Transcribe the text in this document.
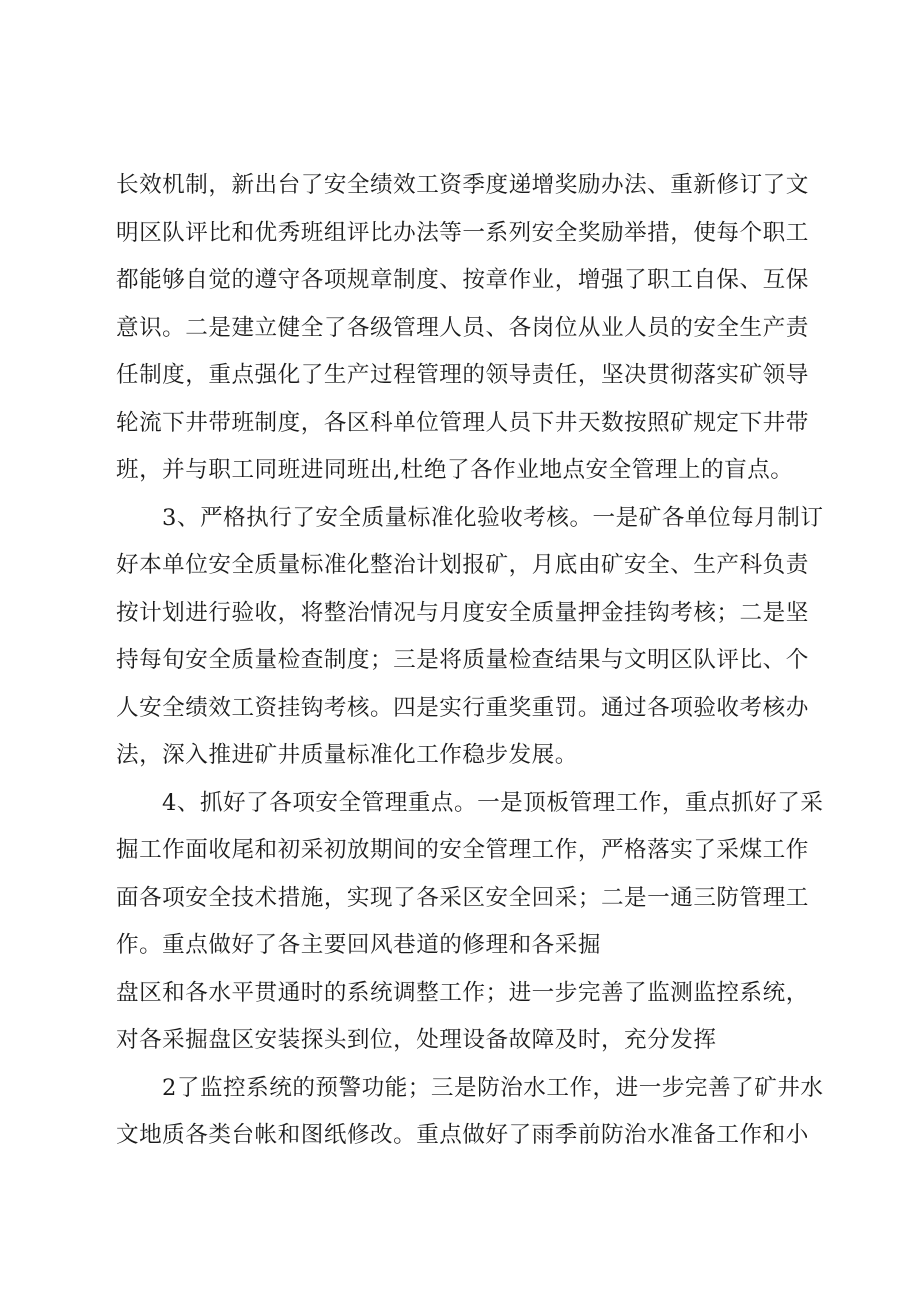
长效机制，新出台了安全绩效工资季度递增奖励办法、重新修订了文
明区队评比和优秀班组评比办法等一系列安全奖励举措，使每个职工
都能够自觉的遵守各项规章制度、按章作业，增强了职工自保、互保
意识。二是建立健全了各级管理人员、各岗位从业人员的安全生产责
任制度，重点强化了生产过程管理的领导责任，坚决贯彻落实矿领导
轮流下井带班制度，各区科单位管理人员下井天数按照矿规定下井带
班，并与职工同班进同班出,杜绝了各作业地点安全管理上的盲点。
3、严格执行了安全质量标准化验收考核。一是矿各单位每月制订
好本单位安全质量标准化整治计划报矿，月底由矿安全、生产科负责
按计划进行验收，将整治情况与月度安全质量押金挂钩考核；二是坚
持每旬安全质量检查制度；三是将质量检查结果与文明区队评比、个
人安全绩效工资挂钩考核。四是实行重奖重罚。通过各项验收考核办
法，深入推进矿井质量标准化工作稳步发展。
4、抓好了各项安全管理重点。一是顶板管理工作，重点抓好了采
掘工作面收尾和初采初放期间的安全管理工作，严格落实了采煤工作
面各项安全技术措施，实现了各采区安全回采；二是一通三防管理工
作。重点做好了各主要回风巷道的修理和各采掘
盘区和各水平贯通时的系统调整工作；进一步完善了监测监控系统，
对各采掘盘区安装探头到位，处理设备故障及时，充分发挥
2了监控系统的预警功能；三是防治水工作，进一步完善了矿井水
文地质各类台帐和图纸修改。重点做好了雨季前防治水准备工作和小
